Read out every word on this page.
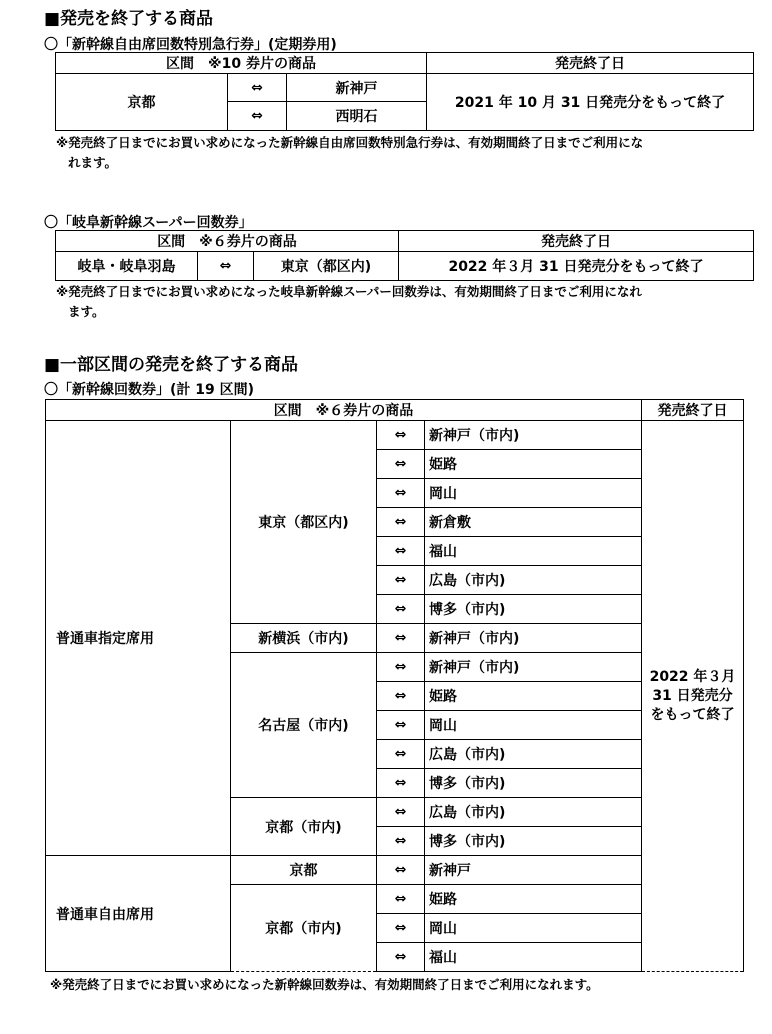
■発売を終了する商品
〇「新幹線自由席回数特別急行券」(定期券用)
区間　※10 券片の商品			発売終了日
京都	⇔	新神戸	2021 年 10 月 31 日発売分をもって終了
	⇔	西明石	
※発売終了日までにお買い求めになった新幹線自由席回数特別急行券は、有効期間終了日までご利用にな
れます。
〇「岐阜新幹線スーパー回数券」
区間　※６券片の商品			発売終了日
岐阜・岐阜羽島	⇔	東京（都区内)	2022 年３月 31 日発売分をもって終了
※発売終了日までにお買い求めになった岐阜新幹線スーパー回数券は、有効期間終了日までご利用になれ
ます。
■一部区間の発売を終了する商品
〇「新幹線回数券」(計 19 区間)
区間　※６券片の商品				発売終了日
普通車指定席用	東京（都区内)	⇔	新神戸（市内)	2022 年３月 31 日発売分をもって終了

		⇔	姫路	
		⇔	岡山	
		⇔	新倉敷	
		⇔	福山	
		⇔	広島（市内)	
		⇔	博多（市内)	
	新横浜（市内)	⇔	新神戸（市内)	
	名古屋（市内)	⇔	新神戸（市内)	
		⇔	姫路	
		⇔	岡山	
		⇔	広島（市内)	
		⇔	博多（市内)	
	京都（市内)	⇔	広島（市内)	
		⇔	博多（市内)	
普通車自由席用	京都	⇔	新神戸	
	京都（市内)	⇔	姫路	
		⇔	岡山	
		⇔	福山	
※発売終了日までにお買い求めになった新幹線回数券は、有効期間終了日までご利用になれます。
